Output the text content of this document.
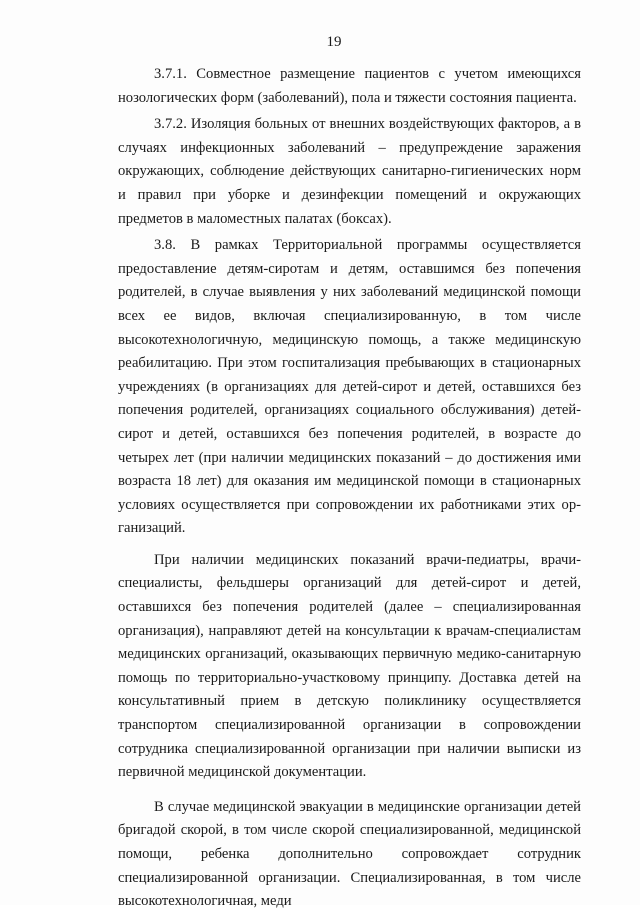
19

3.7.1. Совместное размещение пациентов с учетом имеющихся нозологических форм (заболеваний), пола и тяжести состояния пациента.

3.7.2. Изоляция больных от внешних воздействующих факторов, а в случаях инфекционных заболеваний – предупреждение заражения окружающих, соблюдение действующих санитарно-гигиенических норм и правил при уборке и дезинфекции помещений и окружающих предметов в маломестных палатах (боксах).

3.8. В рамках Территориальной программы осуществляется предоставление детям-сиротам и детям, оставшимся без попечения родителей, в случае выявления у них заболеваний медицинской помощи всех ее видов, включая специализированную, в том числе высокотехнологичную, медицинскую помощь, а также медицинскую реабилитацию. При этом госпитализация пребывающих в стационарных учреждениях (в организациях для детей-сирот и детей, оставшихся без попечения родителей, организациях социального обслуживания) детей-сирот и детей, оставшихся без попечения родителей, в возрасте до четырех лет (при наличии медицинских показаний – до достижения ими возраста 18 лет) для оказания им медицинской помощи в стационарных условиях осуществляется при сопровождении их работниками этих организаций.

При наличии медицинских показаний врачи-педиатры, врачи-специалисты, фельдшеры организаций для детей-сирот и детей, оставшихся без попечения родителей (далее – специализированная организация), направляют детей на консультации к врачам-специалистам медицинских организаций, оказывающих первичную медико-санитарную помощь по территориально-участковому принципу. Доставка детей на консультативный прием в детскую поликлинику осуществляется транспортом специализированной организации в сопровождении сотрудника специализированной организации при наличии выписки из первичной медицинской документации.

В случае медицинской эвакуации в медицинские организации детей бригадой скорой, в том числе скорой специализированной, медицинской помощи, ребенка дополнительно сопровождает сотрудник специализированной организации. Специализированная, в том числе высокотехнологичная, меди
